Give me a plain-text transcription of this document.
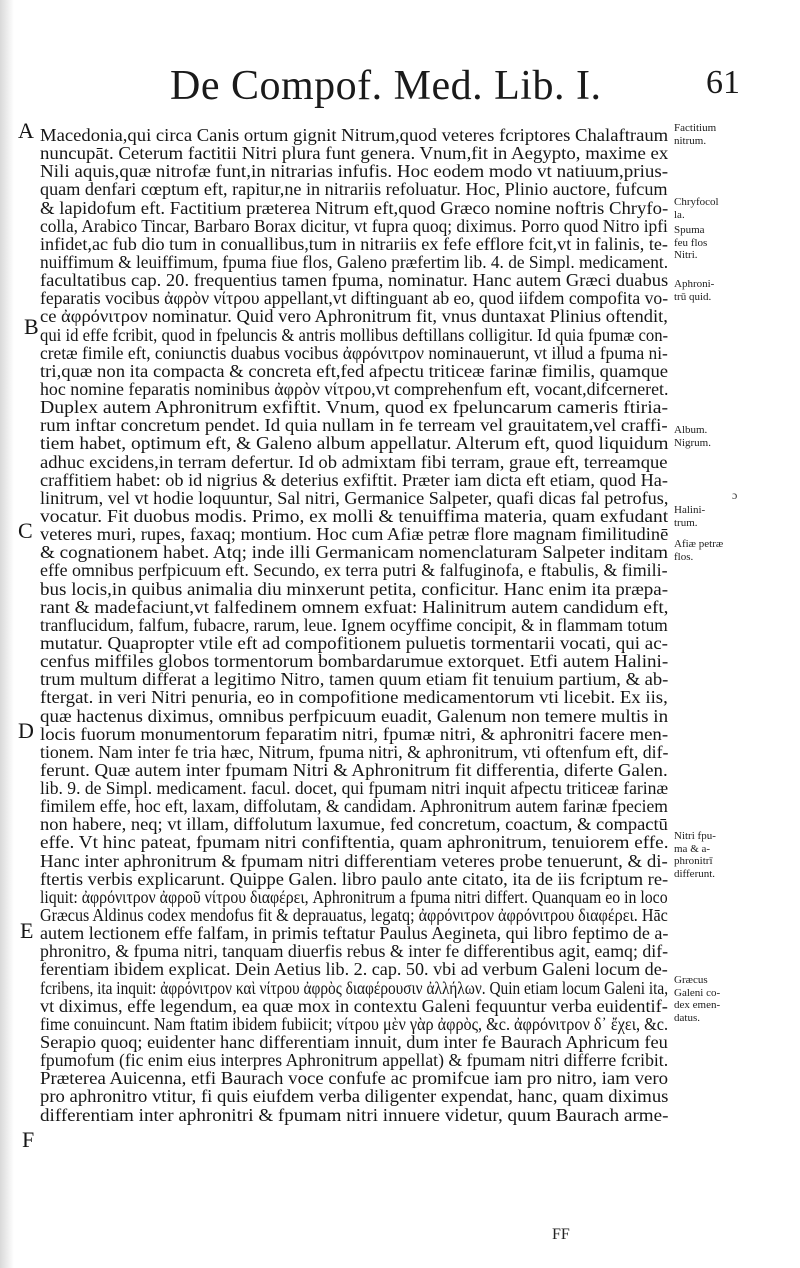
De Compof. Med. Lib. I.	61
A
B
C
D
E
F
Macedonia,qui circa Canis ortum gignit Nitrum,quod veteres fcriptores Chalaftraum
nuncupāt. Ceterum factitii Nitri plura funt genera. Vnum,fit in Aegypto, maxime ex
Nili aquis,quæ nitrofæ funt,in nitrarias infufis. Hoc eodem modo vt natiuum,prius-
quam denfari cœptum eft, rapitur,ne in nitrariis refoluatur. Hoc, Plinio auctore, fufcum
& lapidofum eft. Factitium præterea Nitrum eft,quod Græco nomine noftris Chryfo-
colla, Arabico Tincar, Barbaro Borax dicitur, vt fupra quoq; diximus. Porro quod Nitro ipfi
infidet,ac fub dio tum in conuallibus,tum in nitrariis ex fefe efflore fcit,vt in falinis, te-
nuiffimum & leuiffimum, fpuma fiue flos, Galeno præfertim lib. 4. de Simpl. medicament.
facultatibus cap. 20. frequentius tamen fpuma, nominatur. Hanc autem Græci duabus
feparatis vocibus ἀφρὸν νίτρου appellant,vt diftinguant ab eo, quod iifdem compofita vo-
ce ἀφρόνιτρον nominatur. Quid vero Aphronitrum fit, vnus duntaxat Plinius oftendit,
qui id effe fcribit, quod in fpeluncis & antris mollibus deftillans colligitur. Id quia fpumæ con-
cretæ fimile eft, coniunctis duabus vocibus ἀφρόνιτρον nominauerunt, vt illud a fpuma ni-
tri,quæ non ita compacta & concreta eft,fed afpectu triticeæ farinæ fimilis, quamque
hoc nomine feparatis nominibus ἀφρὸν νίτρου,vt comprehenfum eft, vocant,difcerneret.
Duplex autem Aphronitrum exfiftit. Vnum, quod ex fpeluncarum cameris ftiria-
rum inftar concretum pendet. Id quia nullam in fe terream vel grauitatem,vel craffi-
tiem habet, optimum eft, & Galeno album appellatur. Alterum eft, quod liquidum
adhuc excidens,in terram defertur. Id ob admixtam fibi terram, graue eft, terreamque
craffitiem habet: ob id nigrius & deterius exfiftit. Præter iam dicta eft etiam, quod Ha-
linitrum, vel vt hodie loquuntur, Sal nitri, Germanice Salpeter, quafi dicas fal petrofus,
vocatur. Fit duobus modis. Primo, ex molli & tenuiffima materia, quam exfudant
veteres muri, rupes, faxaq; montium. Hoc cum Afiæ petræ flore magnam fimilitudinē
& cognationem habet. Atq; inde illi Germanicam nomenclaturam Salpeter inditam
effe omnibus perfpicuum eft. Secundo, ex terra putri & falfuginofa, e ftabulis, & fimili-
bus locis,in quibus animalia diu minxerunt petita, conficitur. Hanc enim ita præpa-
rant & madefaciunt,vt falfedinem omnem exfuat: Halinitrum autem candidum eft,
tranflucidum, falfum, fubacre, rarum, leue. Ignem ocyffime concipit, & in flammam totum
mutatur. Quapropter vtile eft ad compofitionem puluetis tormentarii vocati, qui ac-
cenfus miffiles globos tormentorum bombardarumue extorquet. Etfi autem Halini-
trum multum differat a legitimo Nitro, tamen quum etiam fit tenuium partium, & ab-
ftergat. in veri Nitri penuria, eo in compofitione medicamentorum vti licebit. Ex iis,
quæ hactenus diximus, omnibus perfpicuum euadit, Galenum non temere multis in
locis fuorum monumentorum feparatim nitri, fpumæ nitri, & aphronitri facere men-
tionem. Nam inter fe tria hæc, Nitrum, fpuma nitri, & aphronitrum, vti oftenfum eft, dif-
ferunt. Quæ autem inter fpumam Nitri & Aphronitrum fit differentia, diferte Galen.
lib. 9. de Simpl. medicament. facul. docet, qui fpumam nitri inquit afpectu triticeæ farinæ
fimilem effe, hoc eft, laxam, diffolutam, & candidam. Aphronitrum autem farinæ fpeciem
non habere, neq; vt illam, diffolutum laxumue, fed concretum, coactum, & compactū
effe. Vt hinc pateat, fpumam nitri confiftentia, quam aphronitrum, tenuiorem effe.
Hanc inter aphronitrum & fpumam nitri differentiam veteres probe tenuerunt, & di-
ftertis verbis explicarunt. Quippe Galen. libro paulo ante citato, ita de iis fcriptum re-
liquit: ἀφρόνιτρον ἀφροῦ νίτρου διαφέρει, Aphronitrum a fpuma nitri differt. Quanquam eo in loco
Græcus Aldinus codex mendofus fit & deprauatus, legatq; ἀφρόνιτρον ἀφρόνιτρου διαφέρει. Hāc
autem lectionem effe falfam, in primis teftatur Paulus Aegineta, qui libro feptimo de a-
phronitro, & fpuma nitri, tanquam diuerfis rebus & inter fe differentibus agit, eamq; dif-
ferentiam ibidem explicat. Dein Aetius lib. 2. cap. 50. vbi ad verbum Galeni locum de-
fcribens, ita inquit: ἀφρόνιτρον καὶ νίτρου ἀφρὸς διαφέρουσιν ἀλλήλων. Quin etiam locum Galeni ita,
vt diximus, effe legendum, ea quæ mox in contextu Galeni fequuntur verba euidentif-
fime conuincunt. Nam ftatim ibidem fubiicit; νίτρου μὲν γὰρ ἀφρὸς, &c. ἀφρόνιτρον δ᾽ ἔχει, &c.
Serapio quoq; euidenter hanc differentiam innuit, dum inter fe Baurach Aphricum feu
fpumofum (fic enim eius interpres Aphronitrum appellat) & fpumam nitri differre fcribit.
Præterea Auicenna, etfi Baurach voce confufe ac promifcue iam pro nitro, iam vero
pro aphronitro vtitur, fi quis eiufdem verba diligenter expendat, hanc, quam diximus
differentiam inter aphronitri & fpumam nitri innuere videtur, quum Baurach arme-
Factitium
nitrum.
Chryfocol
la.
Spuma
feu flos
Nitri.
Aphroni-
trū quid.
Album.
Nigrum.
Halini-
trum.
Afiæ petræ
flos.
Nitri fpu-
ma & a-
phronitrī
differunt.
Græcus
Galeni co-
dex emen-
datus.
ɔ
FF
